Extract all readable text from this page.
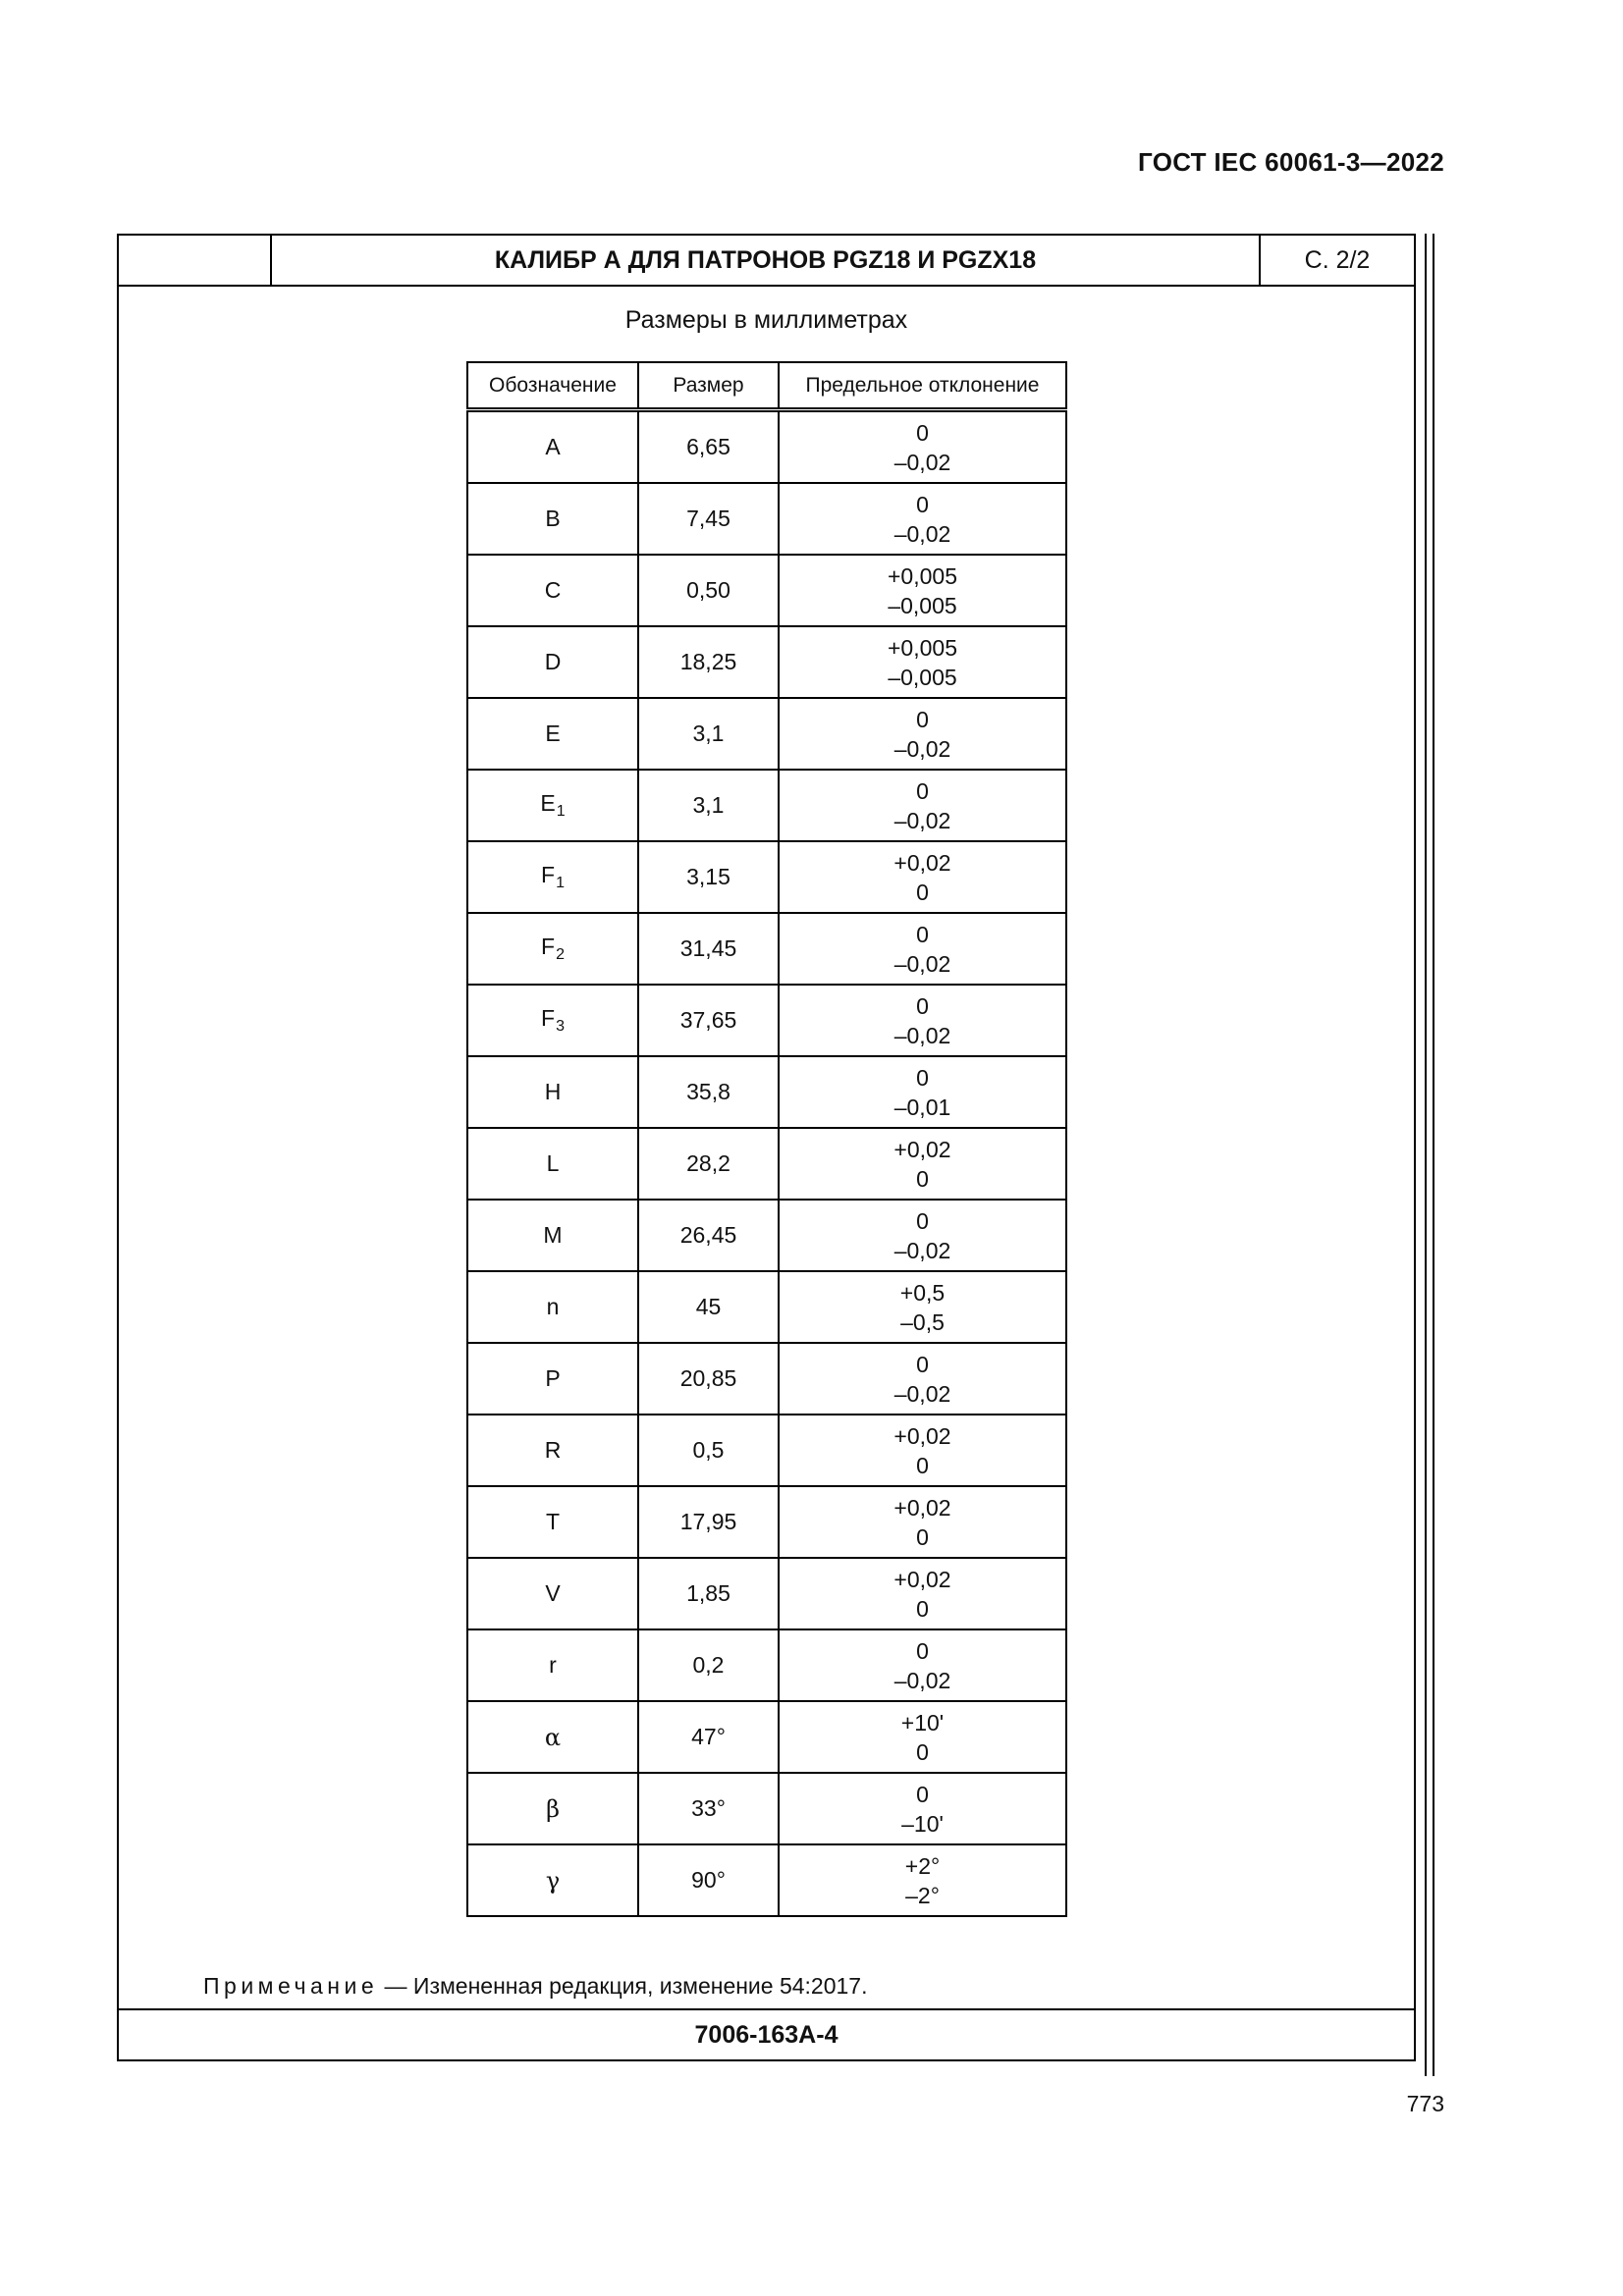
ГОСТ IEC 60061-3—2022
КАЛИБР А ДЛЯ ПАТРОНОВ PGZ18 И PGZX18	С. 2/2
Размеры в миллиметрах
Обозначение	Размер	Предельное отклонение
A	6,65	0
–0,02

B	7,45	0
–0,02

C	0,50	+0,005
–0,005

D	18,25	+0,005
–0,005

E	3,1	0
–0,02

$E_1$	3,1	0
–0,02

$F_1$	3,15	+0,02
0

$F_2$	31,45	0
–0,02

$F_3$	37,65	0
–0,02

H	35,8	0
–0,01

L	28,2	+0,02
0

M	26,45	0
–0,02

n	45	+0,5
–0,5

P	20,85	0
–0,02

R	0,5	+0,02
0

T	17,95	+0,02
0

V	1,85	+0,02
0

r	0,2	0
–0,02

α	47°	+10'
0

β	33°	0
–10'

γ	90°	+2°
–2°
Примечание — Измененная редакция, изменение 54:2017.
7006-163A-4
773
